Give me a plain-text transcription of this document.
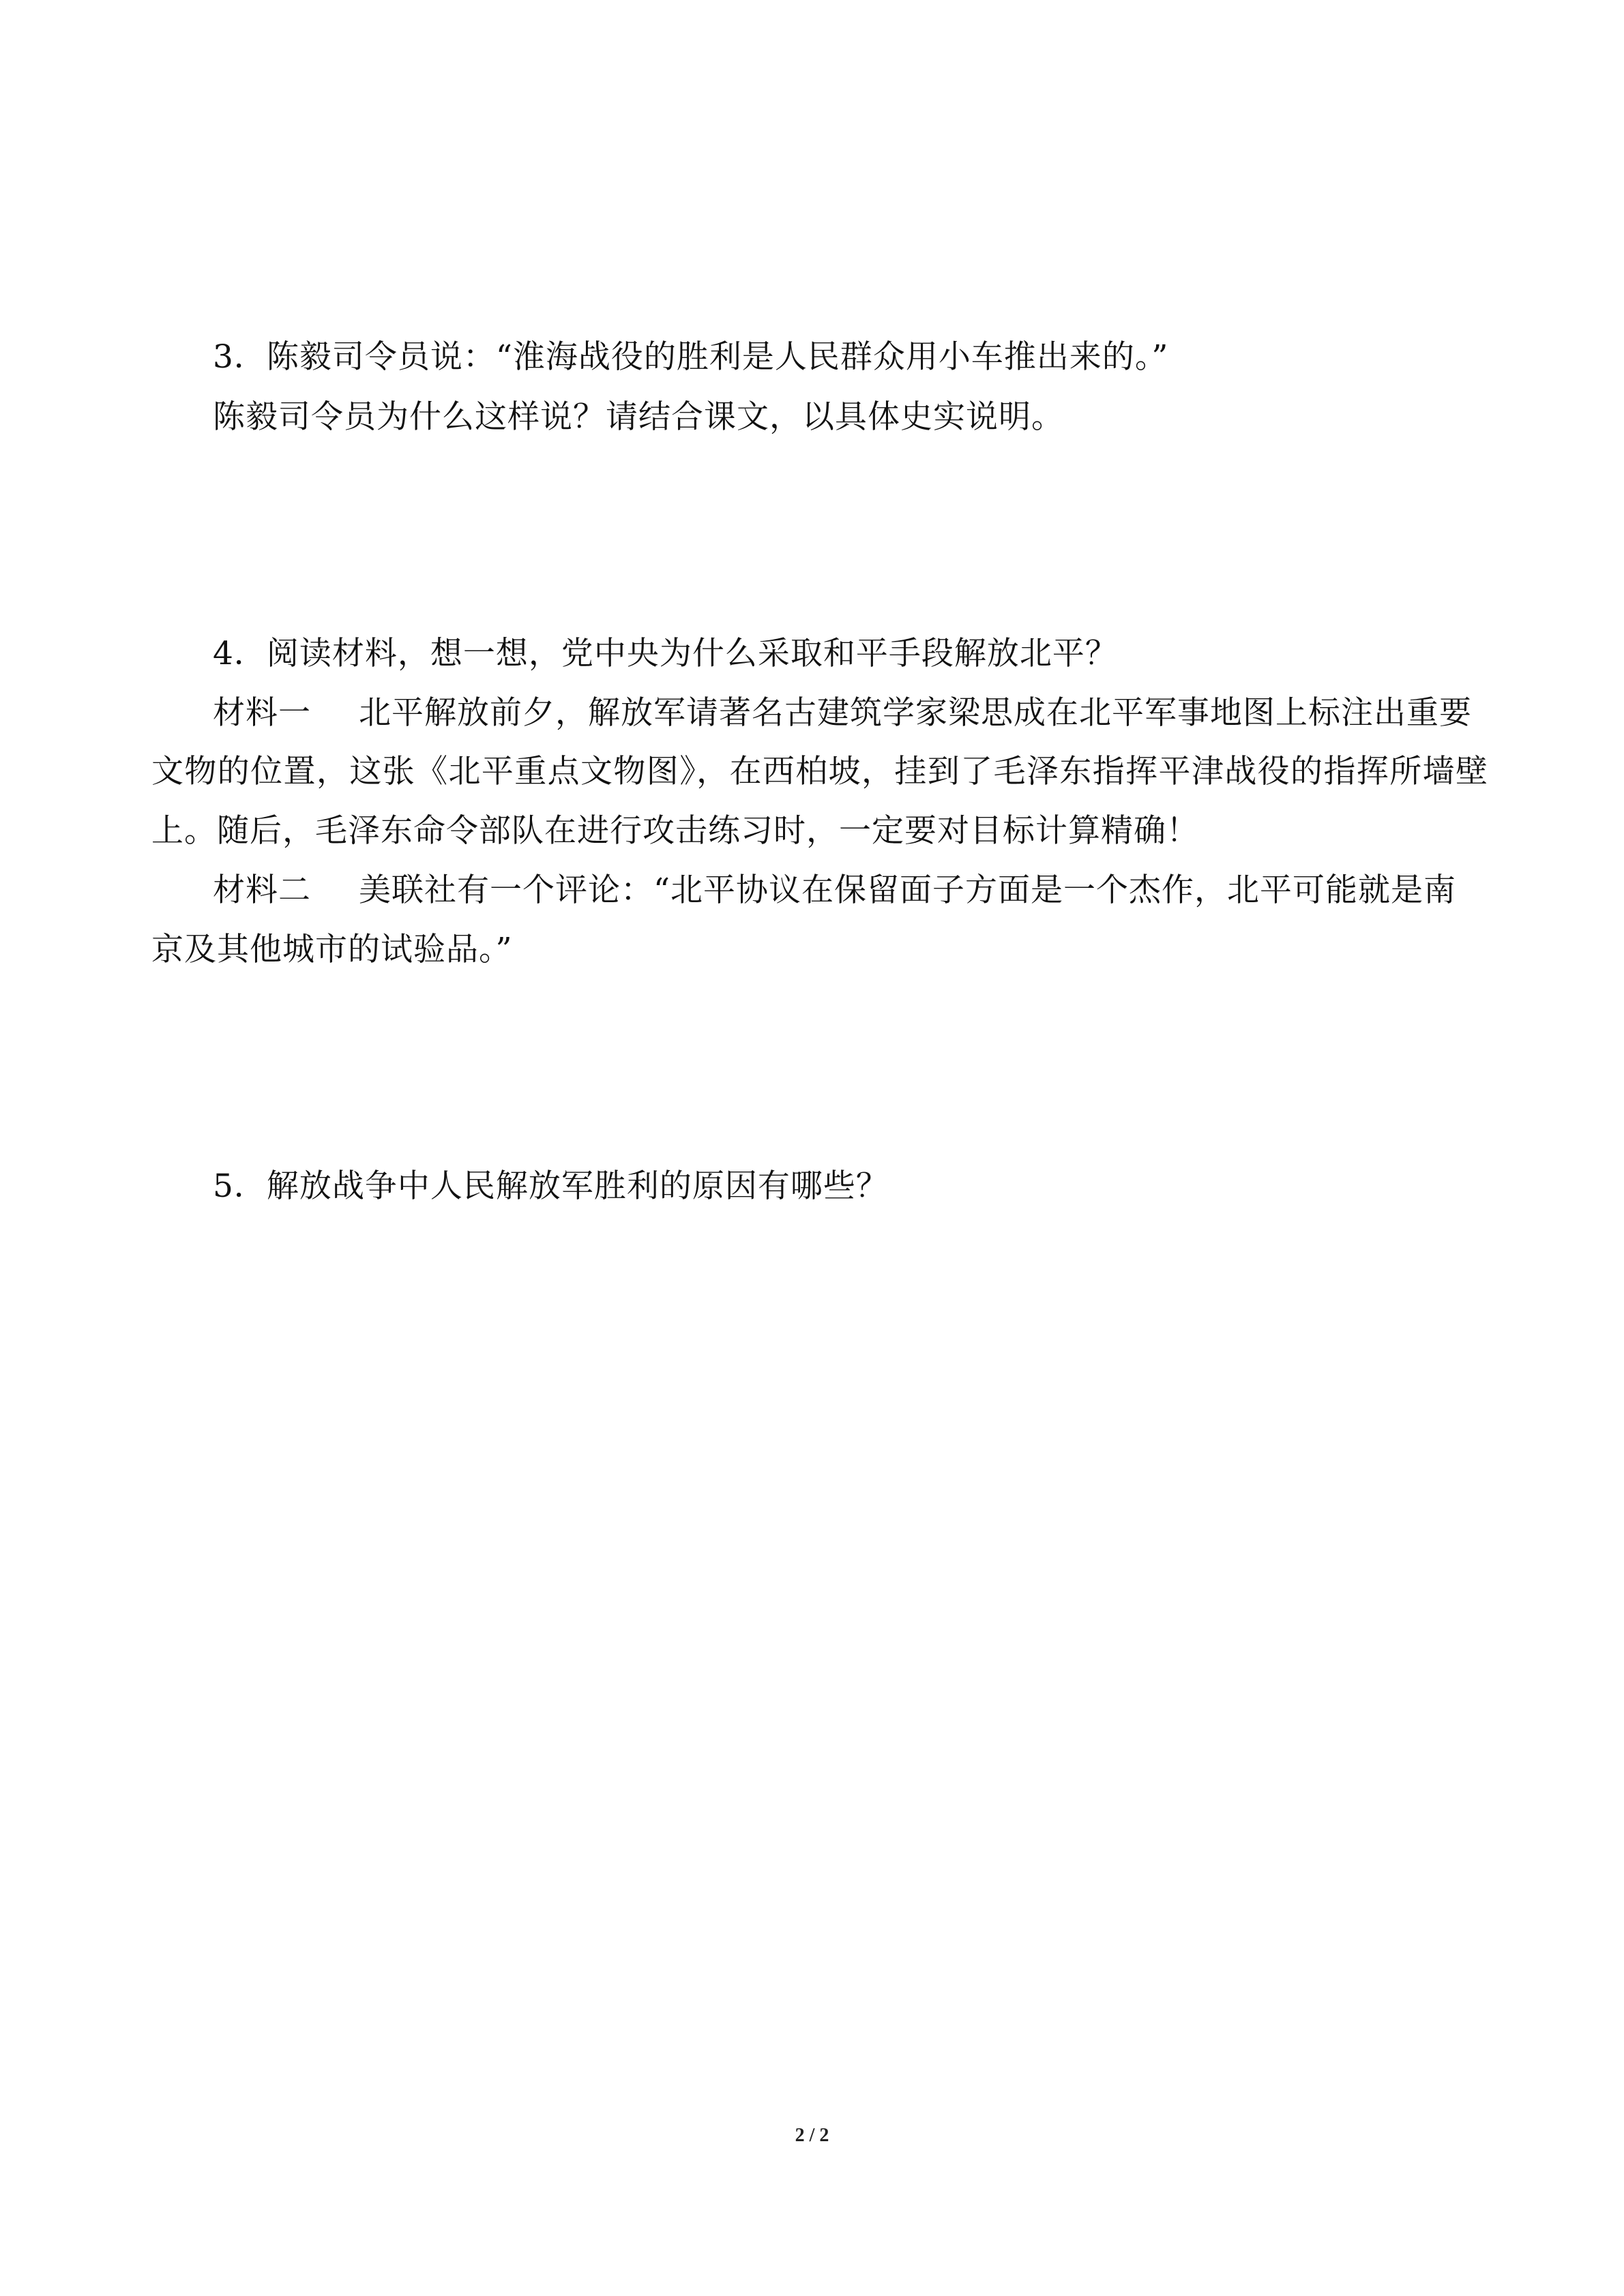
3．陈毅司令员说：“淮海战役的胜利是人民群众用小车推出来的。”
陈毅司令员为什么这样说？请结合课文，以具体史实说明。
4．阅读材料，想一想，党中央为什么采取和平手段解放北平？
材料一 北平解放前夕，解放军请著名古建筑学家梁思成在北平军事地图上标注出重要
文物的位置，这张《北平重点文物图》，在西柏坡，挂到了毛泽东指挥平津战役的指挥所墙壁
上。随后，毛泽东命令部队在进行攻击练习时，一定要对目标计算精确！
材料二 美联社有一个评论：“北平协议在保留面子方面是一个杰作，北平可能就是南
京及其他城市的试验品。”
5．解放战争中人民解放军胜利的原因有哪些？
2 / 2
